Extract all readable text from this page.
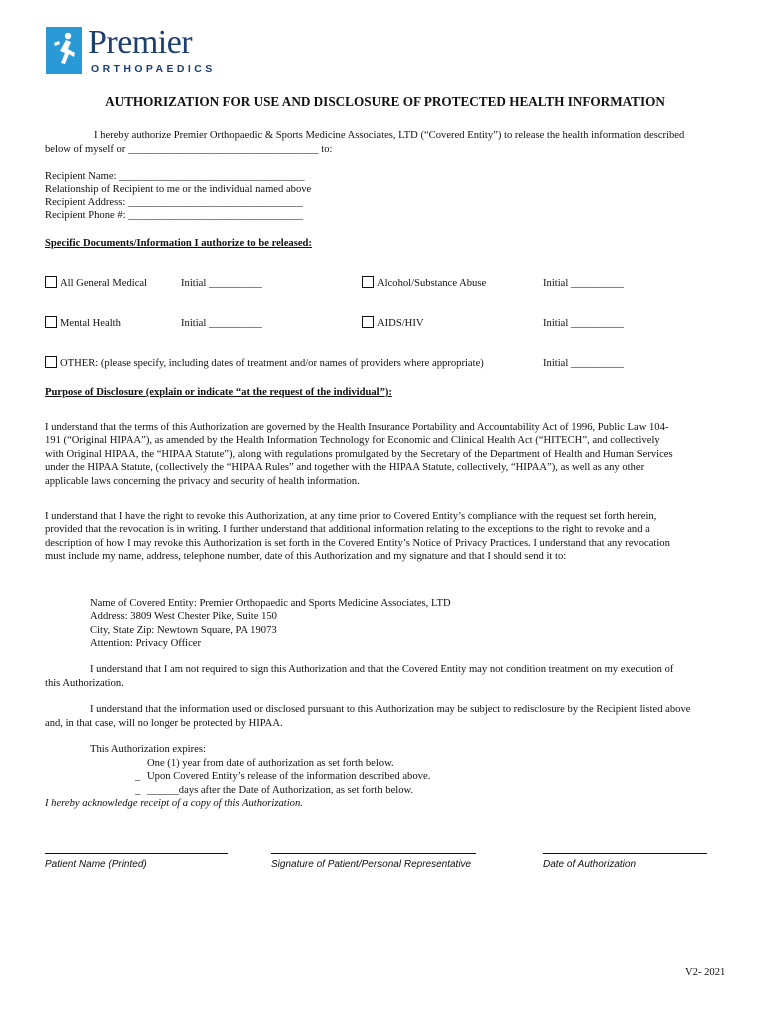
Premier
ORTHOPAEDICS
AUTHORIZATION FOR USE AND DISCLOSURE OF PROTECTED HEALTH INFORMATION
I hereby authorize Premier Orthopaedic & Sports Medicine Associates, LTD (“Covered Entity”) to release the health information described
below of myself or ____________________________________ to:
Recipient Name: ___________________________________
Relationship of Recipient to me or the individual named above
Recipient Address: _________________________________
Recipient Phone #: _________________________________
Specific Documents/Information I authorize to be released:
All General Medical	Initial __________	Alcohol/Substance Abuse	Initial __________
Mental Health	Initial __________	AIDS/HIV	Initial __________
OTHER: (please specify, including dates of treatment and/or names of providers where appropriate)	Initial __________
Purpose of Disclosure (explain or indicate “at the request of the individual”):
I understand that the terms of this Authorization are governed by the Health Insurance Portability and Accountability Act of 1996, Public Law 104-
191 (“Original HIPAA”), as amended by the Health Information Technology for Economic and Clinical Health Act (“HITECH”, and collectively
with Original HIPAA, the “HIPAA Statute”), along with regulations promulgated by the Secretary of the Department of Health and Human Services
under the HIPAA Statute, (collectively the “HIPAA Rules” and together with the HIPAA Statute, collectively, “HIPAA”), as well as any other
applicable laws concerning the privacy and security of health information.
I understand that I have the right to revoke this Authorization, at any time prior to Covered Entity’s compliance with the request set forth herein,
provided that the revocation is in writing. I further understand that additional information relating to the exceptions to the right to revoke and a
description of how I may revoke this Authorization is set forth in the Covered Entity’s Notice of Privacy Practices. I understand that any revocation
must include my name, address, telephone number, date of this Authorization and my signature and that I should send it to:
Name of Covered Entity: Premier Orthopaedic and Sports Medicine Associates, LTD
Address: 3809 West Chester Pike, Suite 150
City, State Zip: Newtown Square, PA 19073
Attention: Privacy Officer
I understand that I am not required to sign this Authorization and that the Covered Entity may not condition treatment on my execution of
this Authorization.
I understand that the information used or disclosed pursuant to this Authorization may be subject to redisclosure by the Recipient listed above
and, in that case, will no longer be protected by HIPAA.
This Authorization expires:
One (1) year from date of authorization as set forth below.
_ Upon Covered Entity’s release of the information described above.
_ ______days after the Date of Authorization, as set forth below.
I hereby acknowledge receipt of a copy of this Authorization.
Patient Name (Printed)	Signature of Patient/Personal Representative	Date of Authorization
V2- 2021
